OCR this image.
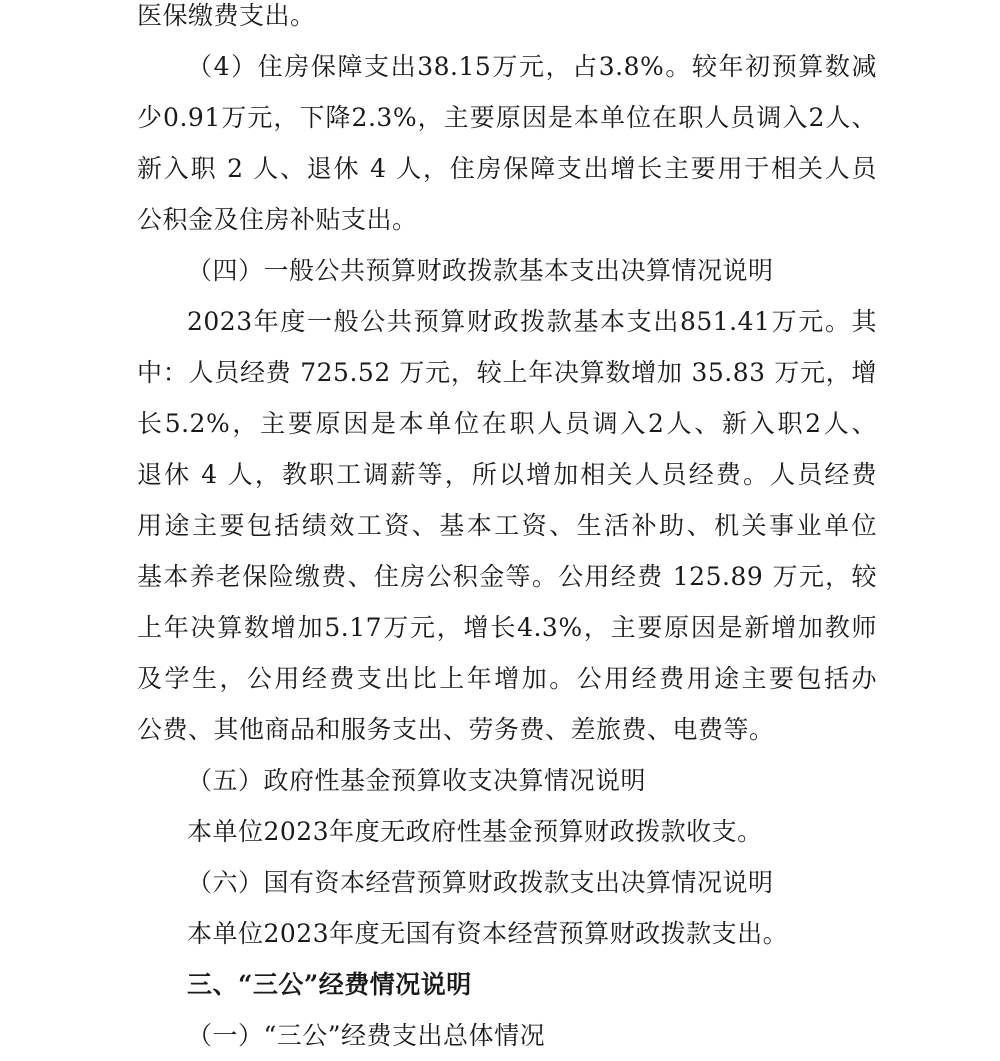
医保缴费支出。
（4）住房保障支出38.15万元，占3.8%。较年初预算数减
少0.91万元，下降2.3%，主要原因是本单位在职人员调入2人、
新入职 2 人、退休 4 人，住房保障支出增长主要用于相关人员
公积金及住房补贴支出。
（四）一般公共预算财政拨款基本支出决算情况说明
2023年度一般公共预算财政拨款基本支出851.41万元。其
中：人员经费 725.52 万元，较上年决算数增加 35.83 万元，增
长5.2%，主要原因是本单位在职人员调入2人、新入职2人、
退休 4 人，教职工调薪等，所以增加相关人员经费。人员经费
用途主要包括绩效工资、基本工资、生活补助、机关事业单位
基本养老保险缴费、住房公积金等。公用经费 125.89 万元，较
上年决算数增加5.17万元，增长4.3%，主要原因是新增加教师
及学生，公用经费支出比上年增加。公用经费用途主要包括办
公费、其他商品和服务支出、劳务费、差旅费、电费等。
（五）政府性基金预算收支决算情况说明
本单位2023年度无政府性基金预算财政拨款收支。
（六）国有资本经营预算财政拨款支出决算情况说明
本单位2023年度无国有资本经营预算财政拨款支出。
三、“三公”经费情况说明
（一）“三公”经费支出总体情况
